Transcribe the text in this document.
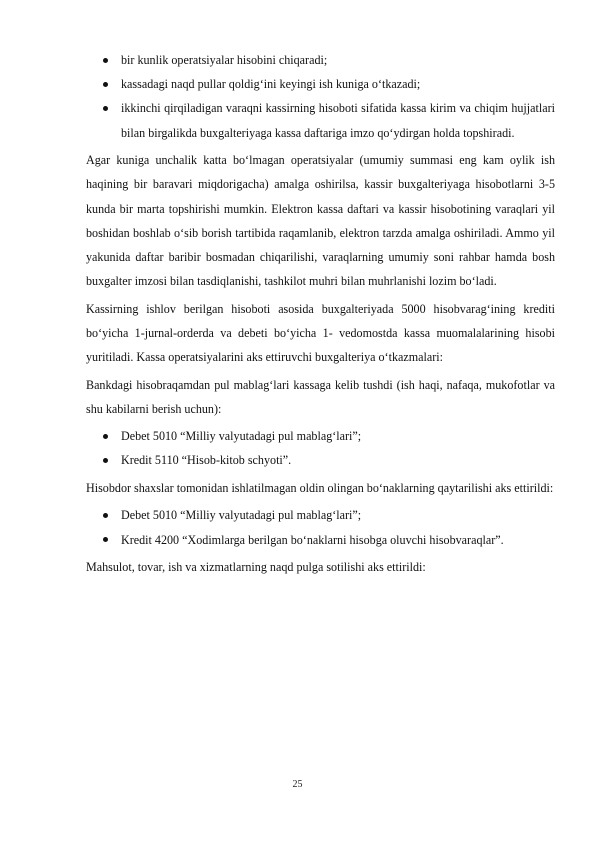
bir kunlik operatsiyalar hisobini chiqaradi;
kassadagi naqd pullar qoldig‘ini keyingi ish kuniga o‘tkazadi;
ikkinchi qirqiladigan varaqni kassirning hisoboti sifatida kassa kirim va chiqim hujjatlari bilan birgalikda buxgalteriyaga kassa daftariga imzo qo‘ydirgan holda topshiradi.

Agar kuniga unchalik katta bo‘lmagan operatsiyalar (umumiy summasi eng kam oylik ish haqining bir baravari miqdorigacha) amalga oshirilsa, kassir buxgalteriyaga hisobotlarni 3-5 kunda bir marta topshirishi mumkin. Elektron kassa daftari va kassir hisobotining varaqlari yil boshidan boshlab o‘sib borish tartibida raqamlanib, elektron tarzda amalga oshiriladi. Ammo yil yakunida daftar baribir bosmadan chiqarilishi, varaqlarning umumiy soni rahbar hamda bosh buxgalter imzosi bilan tasdiqlanishi, tashkilot muhri bilan muhrlanishi lozim bo‘ladi.

Kassirning ishlov berilgan hisoboti asosida buxgalteriyada 5000 hisobvarag‘ining krediti bo‘yicha 1-jurnal-orderda va debeti bo‘yicha 1- vedomostda kassa muomalalarining hisobi yuritiladi. Kassa operatsiyalarini aks ettiruvchi buxgalteriya o‘tkazmalari:

Bankdagi hisobraqamdan pul mablag‘lari kassaga kelib tushdi (ish haqi, nafaqa, mukofotlar va shu kabilarni berish uchun):

Debet 5010 “Milliy valyutadagi pul mablag‘lari”;
Kredit 5110 “Hisob-kitob schyoti”.

Hisobdor shaxslar tomonidan ishlatilmagan oldin olingan bo‘naklarning qaytarilishi aks ettirildi:

Debet 5010 “Milliy valyutadagi pul mablag‘lari”;
Kredit 4200 “Xodimlarga berilgan bo‘naklarni hisobga oluvchi hisobvaraqlar”.

Mahsulot, tovar, ish va xizmatlarning naqd pulga sotilishi aks ettirildi:

25
